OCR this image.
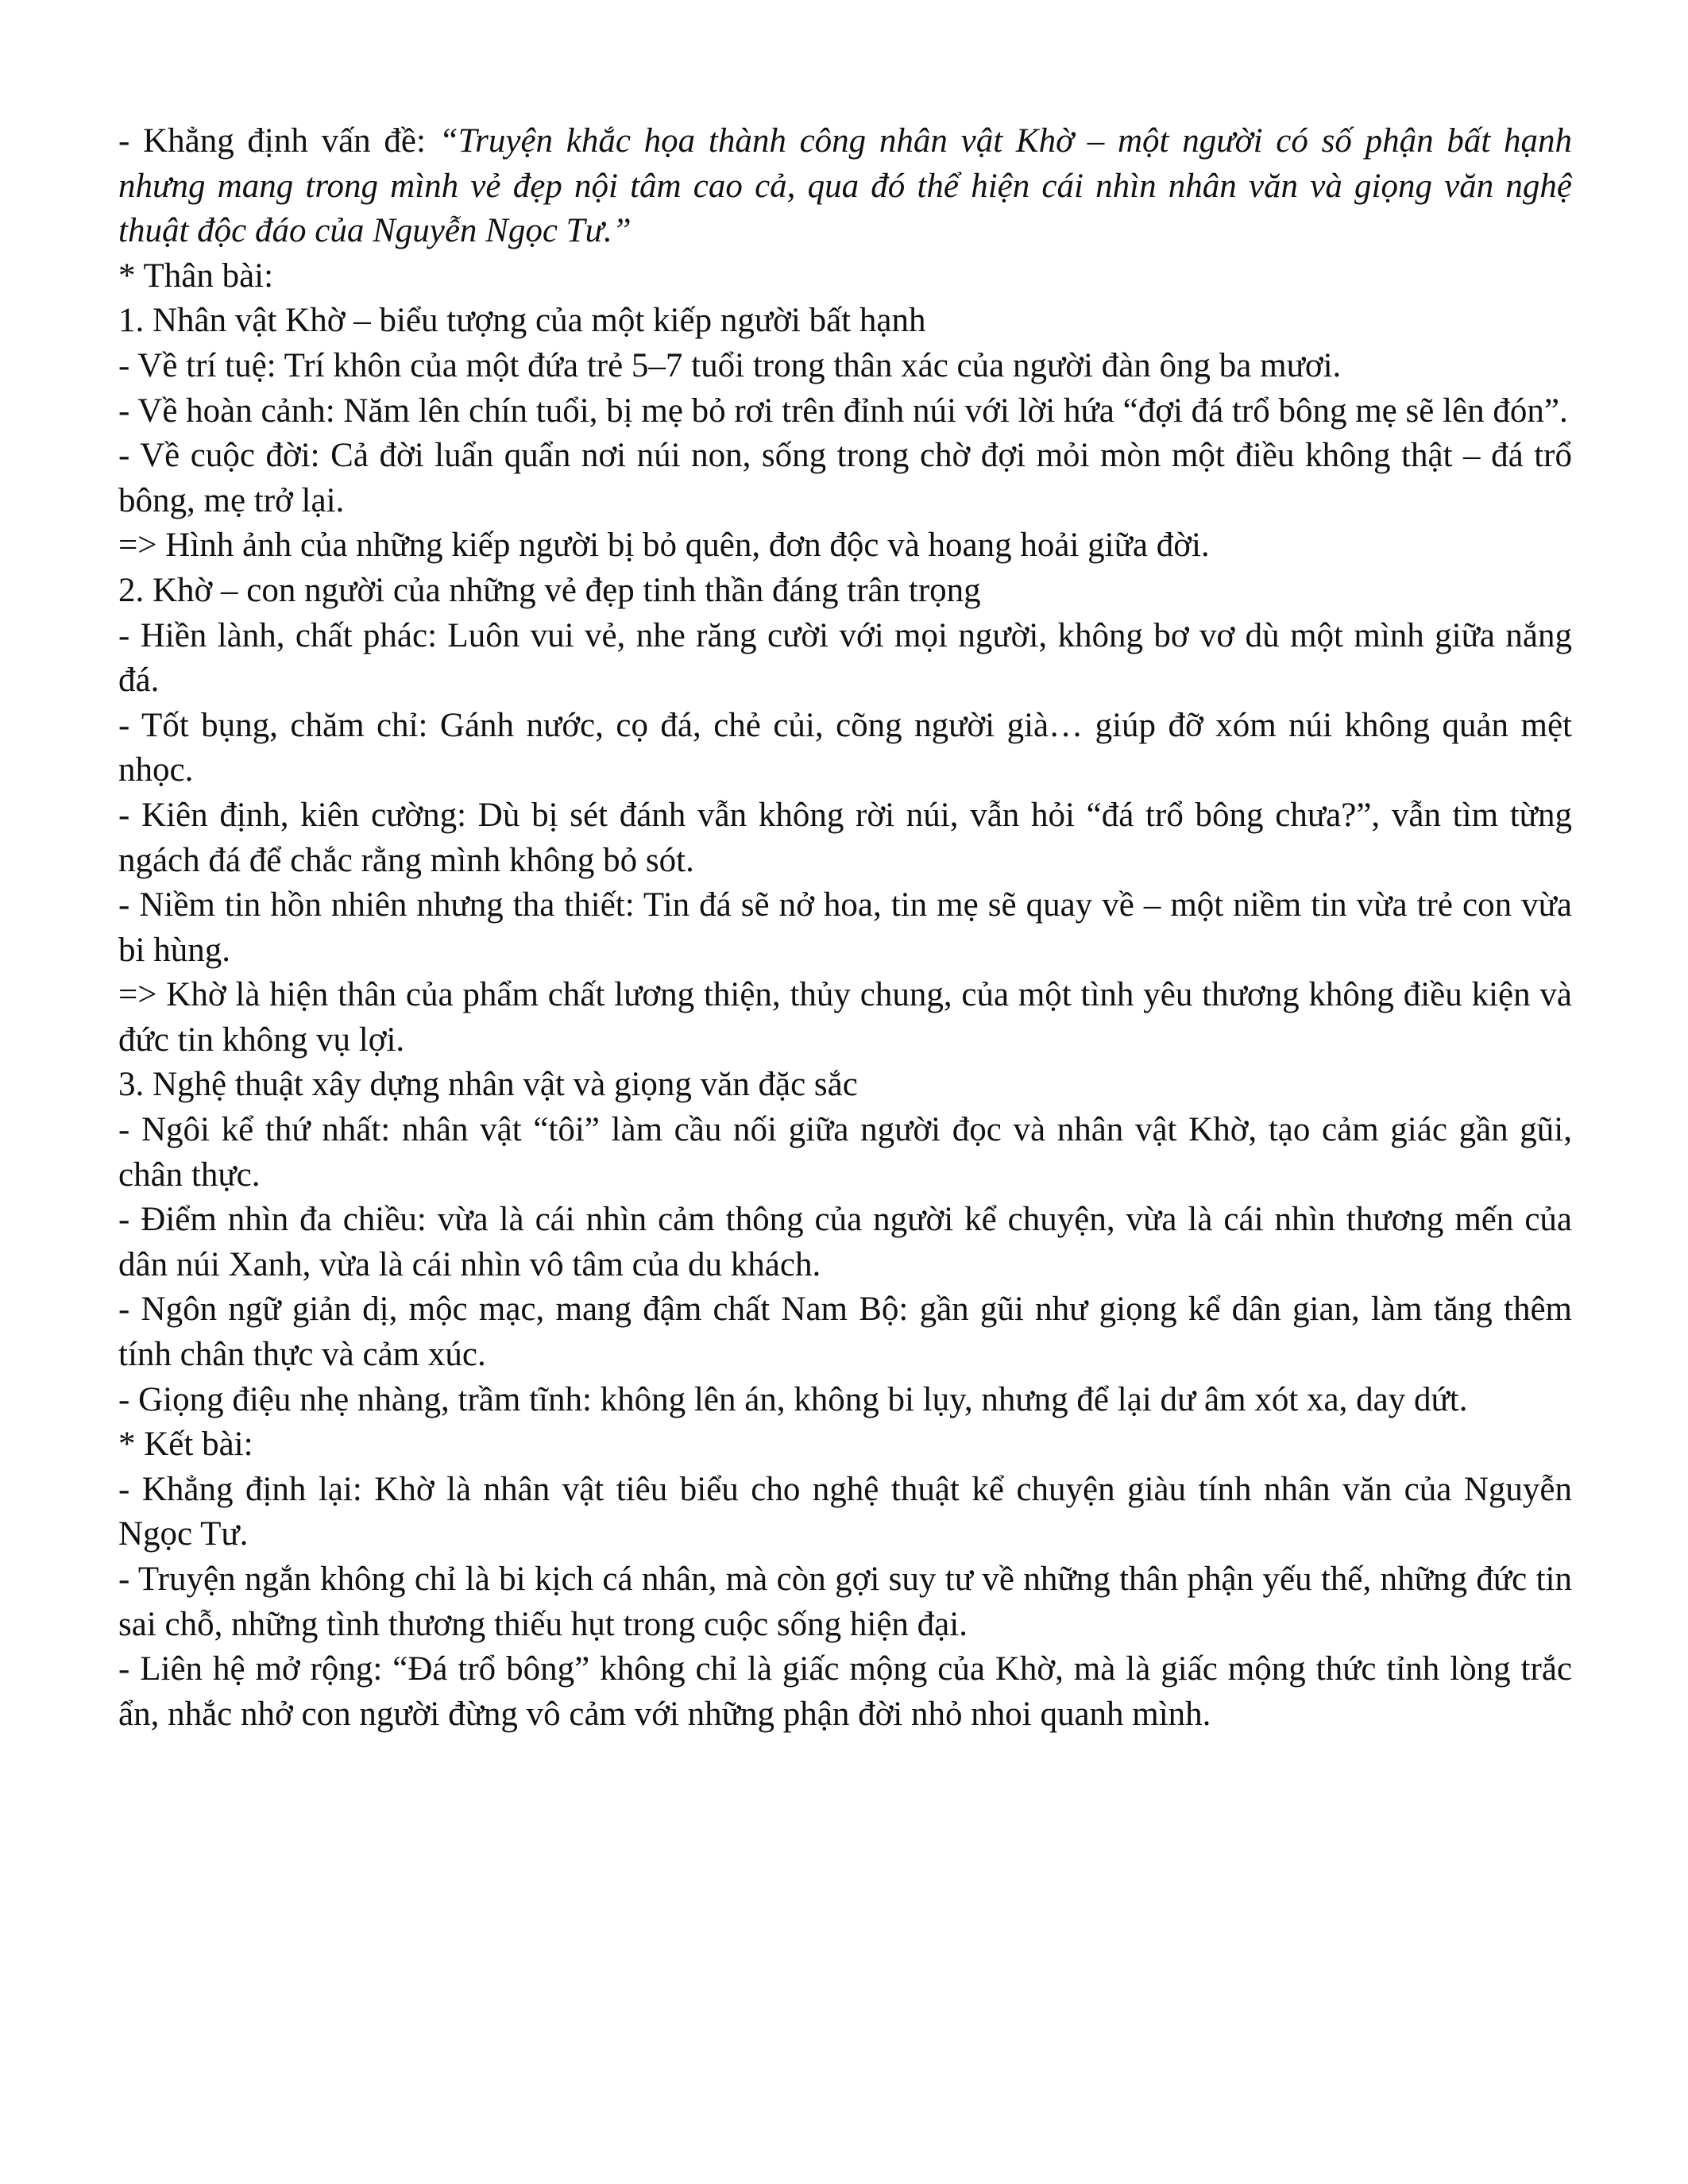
- Khẳng định vấn đề: “Truyện khắc họa thành công nhân vật Khờ – một người có số phận bất hạnh nhưng mang trong mình vẻ đẹp nội tâm cao cả, qua đó thể hiện cái nhìn nhân văn và giọng văn nghệ thuật độc đáo của Nguyễn Ngọc Tư.”

* Thân bài:

1. Nhân vật Khờ – biểu tượng của một kiếp người bất hạnh

- Về trí tuệ: Trí khôn của một đứa trẻ 5–7 tuổi trong thân xác của người đàn ông ba mươi.

- Về hoàn cảnh: Năm lên chín tuổi, bị mẹ bỏ rơi trên đỉnh núi với lời hứa “đợi đá trổ bông mẹ sẽ lên đón”.

- Về cuộc đời: Cả đời luẩn quẩn nơi núi non, sống trong chờ đợi mỏi mòn một điều không thật – đá trổ bông, mẹ trở lại.

=> Hình ảnh của những kiếp người bị bỏ quên, đơn độc và hoang hoải giữa đời.

2. Khờ – con người của những vẻ đẹp tinh thần đáng trân trọng

- Hiền lành, chất phác: Luôn vui vẻ, nhe răng cười với mọi người, không bơ vơ dù một mình giữa nắng đá.

- Tốt bụng, chăm chỉ: Gánh nước, cọ đá, chẻ củi, cõng người già… giúp đỡ xóm núi không quản mệt nhọc.

- Kiên định, kiên cường: Dù bị sét đánh vẫn không rời núi, vẫn hỏi “đá trổ bông chưa?”, vẫn tìm từng ngách đá để chắc rằng mình không bỏ sót.

- Niềm tin hồn nhiên nhưng tha thiết: Tin đá sẽ nở hoa, tin mẹ sẽ quay về – một niềm tin vừa trẻ con vừa bi hùng.

=> Khờ là hiện thân của phẩm chất lương thiện, thủy chung, của một tình yêu thương không điều kiện và đức tin không vụ lợi.

3. Nghệ thuật xây dựng nhân vật và giọng văn đặc sắc

- Ngôi kể thứ nhất: nhân vật “tôi” làm cầu nối giữa người đọc và nhân vật Khờ, tạo cảm giác gần gũi, chân thực.

- Điểm nhìn đa chiều: vừa là cái nhìn cảm thông của người kể chuyện, vừa là cái nhìn thương mến của dân núi Xanh, vừa là cái nhìn vô tâm của du khách.

- Ngôn ngữ giản dị, mộc mạc, mang đậm chất Nam Bộ: gần gũi như giọng kể dân gian, làm tăng thêm tính chân thực và cảm xúc.

- Giọng điệu nhẹ nhàng, trầm tĩnh: không lên án, không bi lụy, nhưng để lại dư âm xót xa, day dứt.

* Kết bài:

- Khẳng định lại: Khờ là nhân vật tiêu biểu cho nghệ thuật kể chuyện giàu tính nhân văn của Nguyễn Ngọc Tư.

- Truyện ngắn không chỉ là bi kịch cá nhân, mà còn gợi suy tư về những thân phận yếu thế, những đức tin sai chỗ, những tình thương thiếu hụt trong cuộc sống hiện đại.

- Liên hệ mở rộng: “Đá trổ bông” không chỉ là giấc mộng của Khờ, mà là giấc mộng thức tỉnh lòng trắc ẩn, nhắc nhở con người đừng vô cảm với những phận đời nhỏ nhoi quanh mình.
